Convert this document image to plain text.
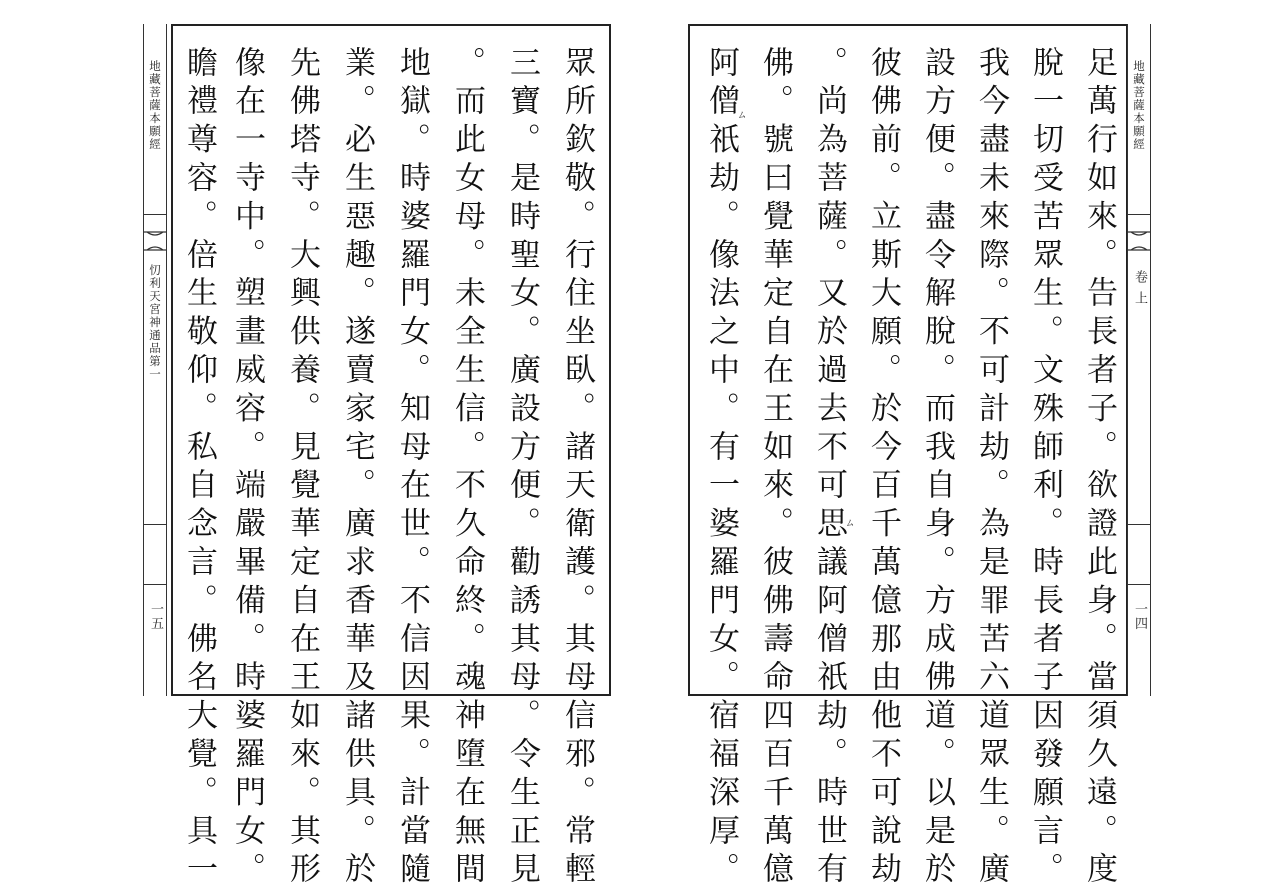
地藏菩薩本願經
忉利天宮神通品第一
一五	眾所欽敬。行住坐臥。諸天衛護。其母信邪。常輕
三寶。是時聖女。廣設方便。勸誘其母。令生正見
。而此女母。未全生信。不久命終。魂神墮在無間
地獄。時婆羅門女。知母在世。不信因果。計當隨
業。必生惡趣。遂賣家宅。廣求香華及諸供具。於
先佛塔寺。大興供養。見覺華定自在王如來。其形
像在一寺中。塑畫威容。端嚴畢備。時婆羅門女。
瞻禮尊容。倍生敬仰。私自念言。佛名大覺。具一	足萬行如來。告長者子。欲證此身。當須久遠。度
脫一切受苦眾生。文殊師利。時長者子因發願言。
我今盡未來際。不可計劫。為是罪苦六道眾生。廣
設方便。盡令解脫。而我自身。方成佛道。以是於
彼佛前。立斯大願。於今百千萬億那由他不可說劫
。尚為菩薩。又於過去不可思議阿僧祇劫。時世有
佛。號曰覺華定自在王如來。彼佛壽命四百千萬億
阿僧祇劫。像法之中。有一婆羅門女。宿福深厚。
ㄙ
ㄙ
地藏菩薩本願經
卷上
一四
